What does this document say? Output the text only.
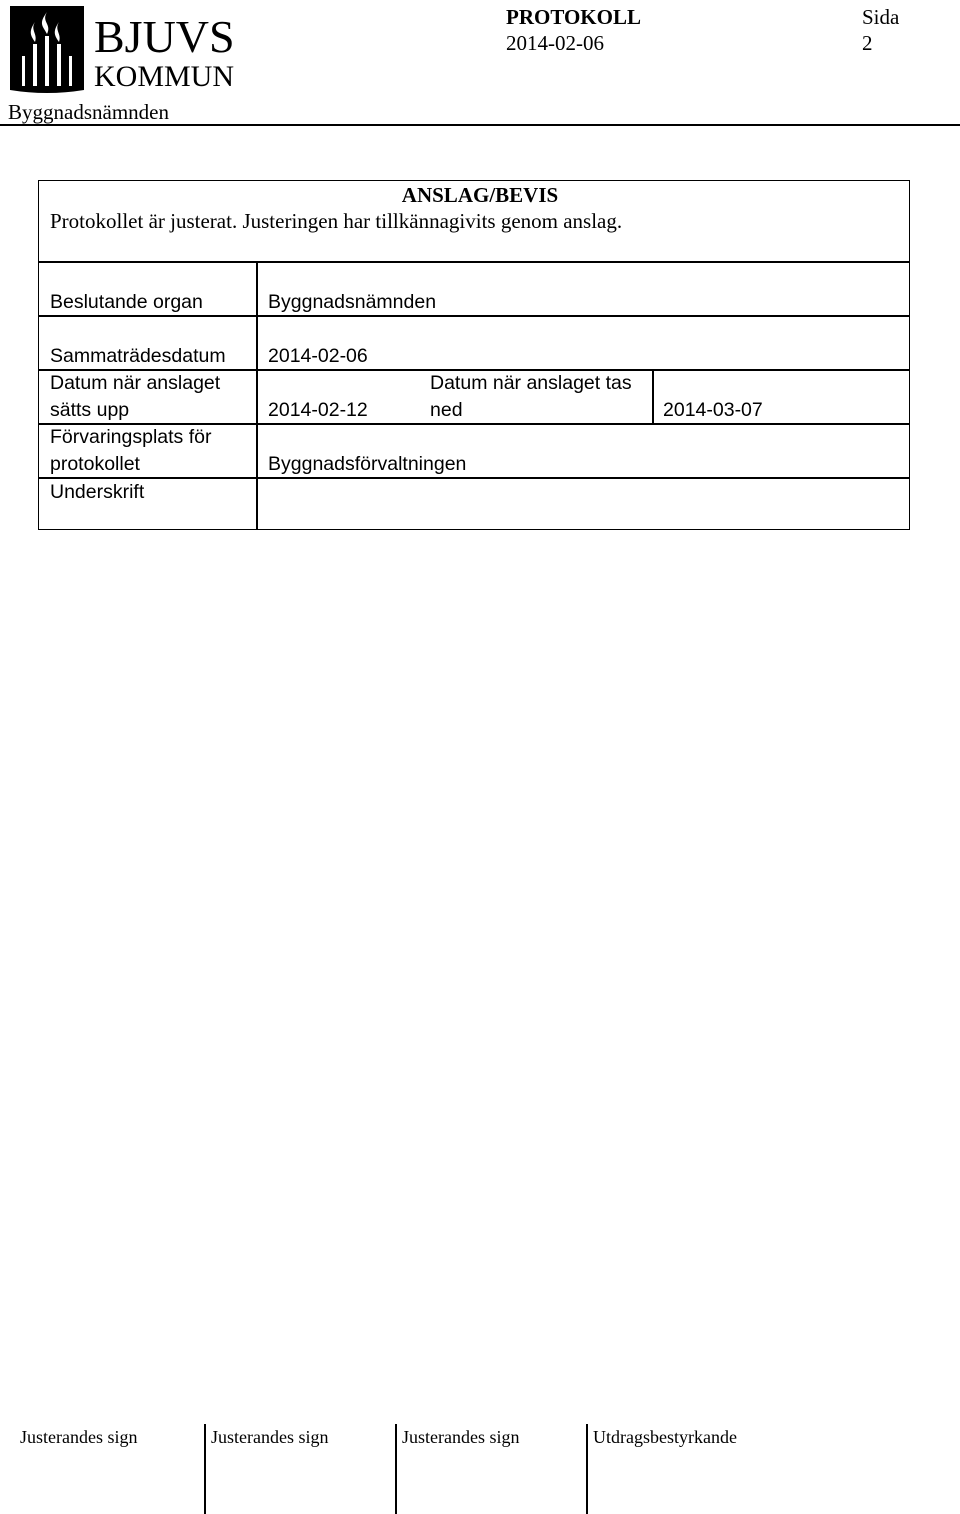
BJUVS
KOMMUN
Byggnadsnämnden
PROTOKOLL
2014-02-06
Sida
2
ANSLAG/BEVIS
Protokollet är justerat. Justeringen har tillkännagivits genom anslag.
Beslutande organ	Byggnadsnämnden
Sammaträdesdatum 2014-02-06
Datum när anslaget
sätts upp	2014-02-12
Datum när anslaget tas
ned	2014-03-07
Förvaringsplats för
protokollet	Byggnadsförvaltningen
Underskrift
Justerandes sign	Justerandes sign	Justerandes sign	Utdragsbestyrkande
